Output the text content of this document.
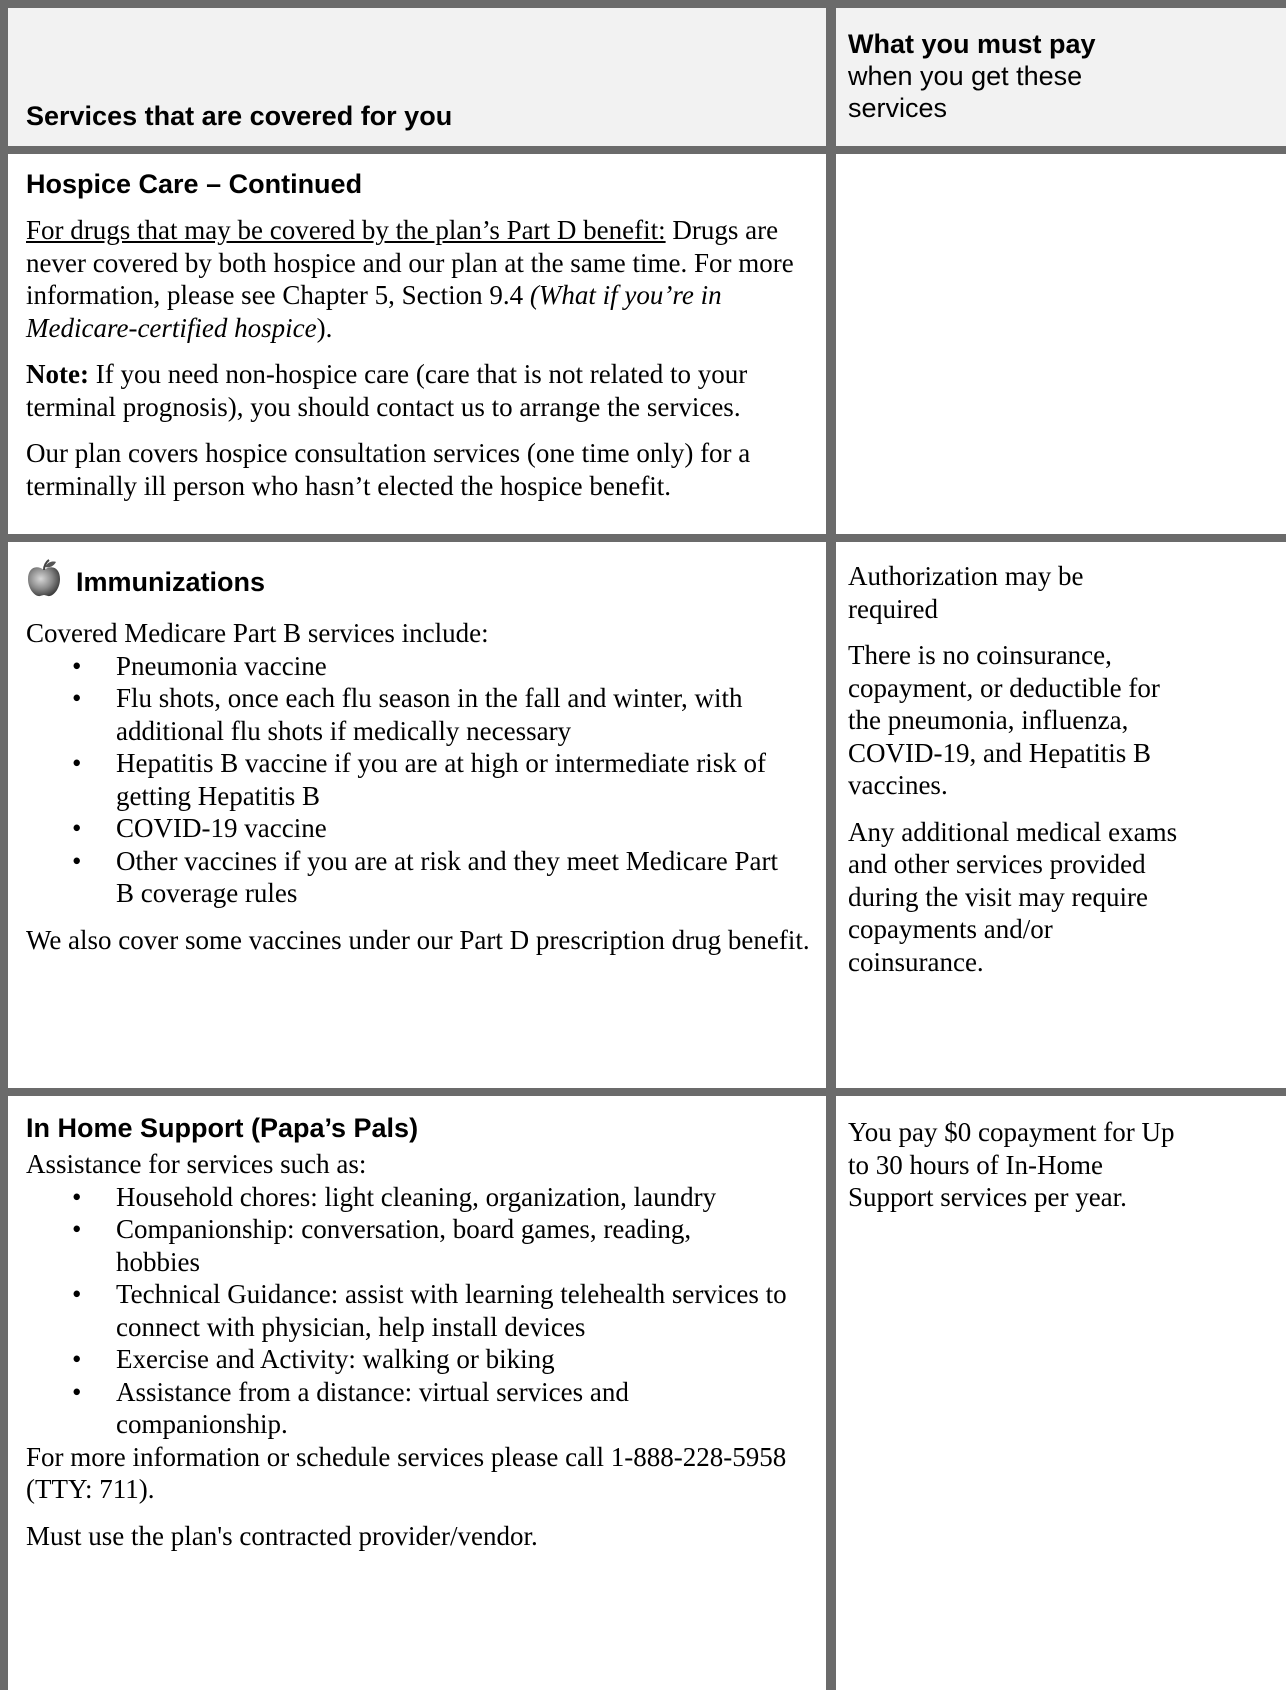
Services that are covered for you
What you must pay
when you get these services
Hospice Care – Continued

For drugs that may be covered by the plan’s Part D benefit: Drugs are never covered by both hospice and our plan at the same time. For more information, please see Chapter 5, Section 9.4 (What if you’re in Medicare-certified hospice).

Note: If you need non-hospice care (care that is not related to your terminal prognosis), you should contact us to arrange the services.

Our plan covers hospice consultation services (one time only) for a terminally ill person who hasn’t elected the hospice benefit.

Immunizations
Covered Medicare Part B services include:
• Pneumonia vaccine
• Flu shots, once each flu season in the fall and winter, with additional flu shots if medically necessary
• Hepatitis B vaccine if you are at high or intermediate risk of getting Hepatitis B
• COVID-19 vaccine
• Other vaccines if you are at risk and they meet Medicare Part B coverage rules

We also cover some vaccines under our Part D prescription drug benefit.

Authorization may be required

There is no coinsurance, copayment, or deductible for the pneumonia, influenza, COVID-19, and Hepatitis B vaccines.

Any additional medical exams and other services provided during the visit may require copayments and/or coinsurance.

In Home Support (Papa’s Pals)
Assistance for services such as:
• Household chores: light cleaning, organization, laundry
• Companionship: conversation, board games, reading, hobbies
• Technical Guidance: assist with learning telehealth services to connect with physician, help install devices
• Exercise and Activity: walking or biking
• Assistance from a distance: virtual services and companionship.

For more information or schedule services please call 1-888-228-5958 (TTY: 711).

Must use the plan's contracted provider/vendor.

You pay $0 copayment for Up to 30 hours of In-Home Support services per year.
